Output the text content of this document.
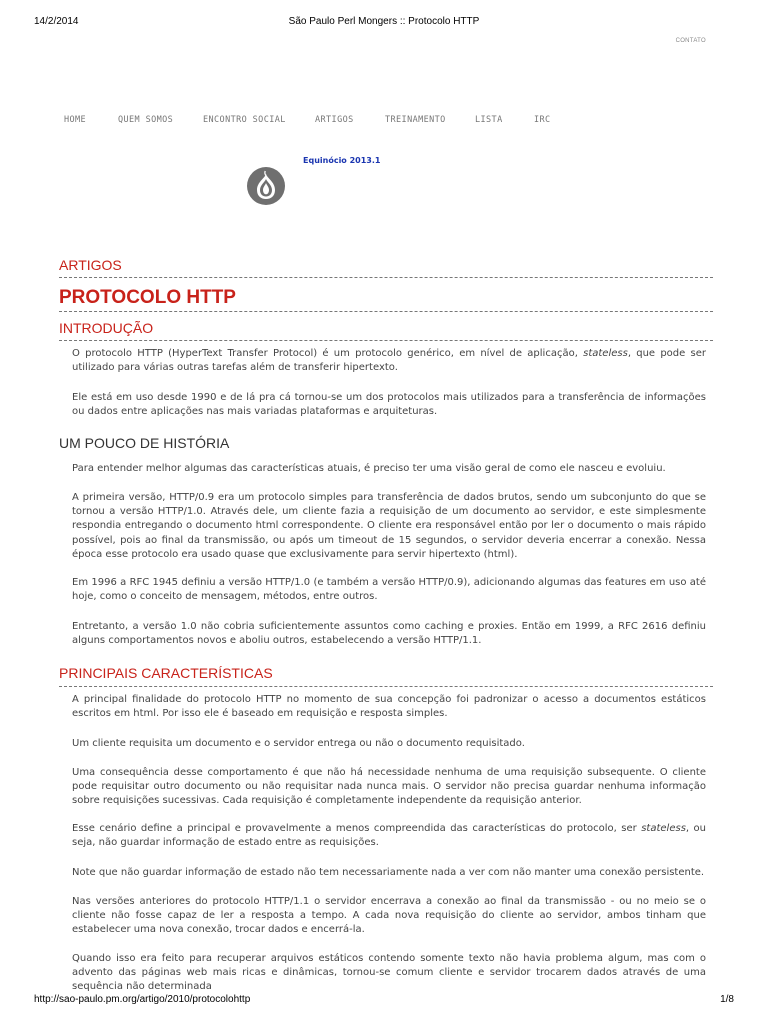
14/2/2014	São Paulo Perl Mongers :: Protocolo HTTP
CONTATO
HOME	QUEM SOMOS	ENCONTRO SOCIAL	ARTIGOS	TREINAMENTO	LISTA	IRC
Equinócio 2013.1
ARTIGOS
PROTOCOLO HTTP
INTRODUÇÃO

O protocolo HTTP (HyperText Transfer Protocol) é um protocolo genérico, em nível de aplicação, stateless, que pode ser utilizado para várias outras tarefas além de transferir hipertexto.

Ele está em uso desde 1990 e de lá pra cá tornou-se um dos protocolos mais utilizados para a transferência de informações ou dados entre aplicações nas mais variadas plataformas e arquiteturas.

UM POUCO DE HISTÓRIA

Para entender melhor algumas das características atuais, é preciso ter uma visão geral de como ele nasceu e evoluiu.

A primeira versão, HTTP/0.9 era um protocolo simples para transferência de dados brutos, sendo um subconjunto do que se tornou a versão HTTP/1.0. Através dele, um cliente fazia a requisição de um documento ao servidor, e este simplesmente respondia entregando o documento html correspondente. O cliente era responsável então por ler o documento o mais rápido possível, pois ao final da transmissão, ou após um timeout de 15 segundos, o servidor deveria encerrar a conexão. Nessa época esse protocolo era usado quase que exclusivamente para servir hipertexto (html).

Em 1996 a RFC 1945 definiu a versão HTTP/1.0 (e também a versão HTTP/0.9), adicionando algumas das features em uso até hoje, como o conceito de mensagem, métodos, entre outros.

Entretanto, a versão 1.0 não cobria suficientemente assuntos como caching e proxies. Então em 1999, a RFC 2616 definiu alguns comportamentos novos e aboliu outros, estabelecendo a versão HTTP/1.1.

PRINCIPAIS CARACTERÍSTICAS

A principal finalidade do protocolo HTTP no momento de sua concepção foi padronizar o acesso a documentos estáticos escritos em html. Por isso ele é baseado em requisição e resposta simples.

Um cliente requisita um documento e o servidor entrega ou não o documento requisitado.

Uma consequência desse comportamento é que não há necessidade nenhuma de uma requisição subsequente. O cliente pode requisitar outro documento ou não requisitar nada nunca mais. O servidor não precisa guardar nenhuma informação sobre requisições sucessivas. Cada requisição é completamente independente da requisição anterior.

Esse cenário define a principal e provavelmente a menos compreendida das características do protocolo, ser stateless, ou seja, não guardar informação de estado entre as requisições.

Note que não guardar informação de estado não tem necessariamente nada a ver com não manter uma conexão persistente.

Nas versões anteriores do protocolo HTTP/1.1 o servidor encerrava a conexão ao final da transmissão - ou no meio se o cliente não fosse capaz de ler a resposta a tempo. A cada nova requisição do cliente ao servidor, ambos tinham que estabelecer uma nova conexão, trocar dados e encerrá-la.

Quando isso era feito para recuperar arquivos estáticos contendo somente texto não havia problema algum, mas com o advento das páginas web mais ricas e dinâmicas, tornou-se comum cliente e servidor trocarem dados através de uma sequência não determinada

http://sao-paulo.pm.org/artigo/2010/protocolohttp	1/8
